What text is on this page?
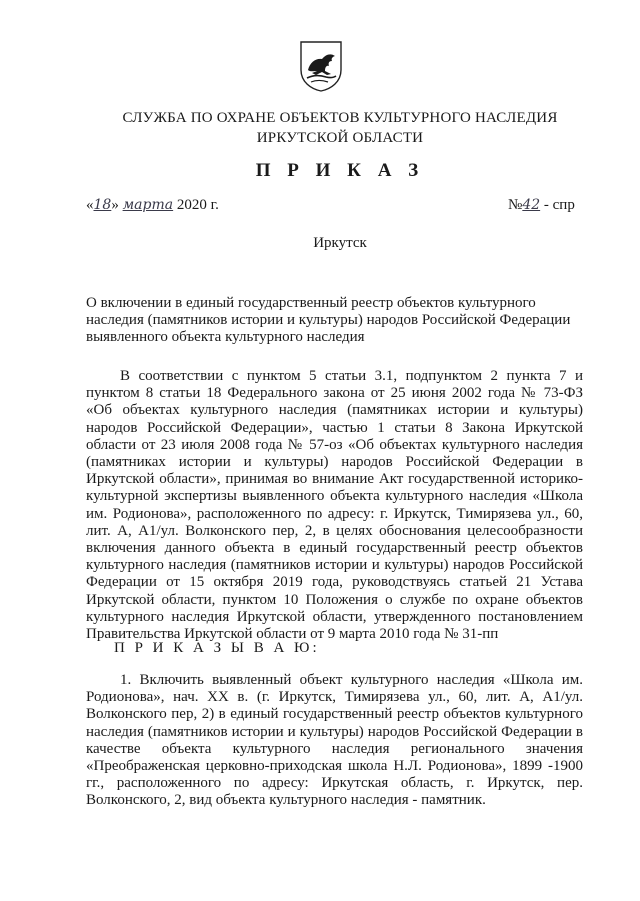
СЛУЖБА ПО ОХРАНЕ ОБЪЕКТОВ КУЛЬТУРНОГО НАСЛЕДИЯ
ИРКУТСКОЙ ОБЛАСТИ
П Р И К А З
«18» марта 2020 г.	№42 - спр
Иркутск
О включении в единый государственный реестр объектов культурного наследия (памятников истории и культуры) народов Российской Федерации выявленного объекта культурного наследия
В соответствии с пунктом 5 статьи 3.1, подпунктом 2 пункта 7 и пунктом 8 статьи 18 Федерального закона от 25 июня 2002 года № 73-ФЗ «Об объектах культурного наследия (памятниках истории и культуры) народов Российской Федерации», частью 1 статьи 8 Закона Иркутской области от 23 июля 2008 года № 57-оз «Об объектах культурного наследия (памятниках истории и культуры) народов Российской Федерации в Иркутской области», принимая во внимание Акт государственной историко-культурной экспертизы выявленного объекта культурного наследия «Школа им. Родионова», расположенного по адресу: г. Иркутск, Тимирязева ул., 60, лит. А, А1/ул. Волконского пер, 2, в целях обоснования целесообразности включения данного объекта в единый государственный реестр объектов культурного наследия (памятников истории и культуры) народов Российской Федерации от 15 октября 2019 года, руководствуясь статьей 21 Устава Иркутской области, пунктом 10 Положения о службе по охране объектов культурного наследия Иркутской области, утвержденного постановлением Правительства Иркутской области от 9 марта 2010 года № 31-пп
П Р И К А З Ы В А Ю:
1. Включить выявленный объект культурного наследия «Школа им. Родионова», нач. XX в. (г. Иркутск, Тимирязева ул., 60, лит. А, А1/ул. Волконского пер, 2) в единый государственный реестр объектов культурного наследия (памятников истории и культуры) народов Российской Федерации в качестве объекта культурного наследия регионального значения «Преображенская церковно-приходская школа Н.Л. Родионова», 1899 -1900 гг., расположенного по адресу: Иркутская область, г. Иркутск, пер. Волконского, 2, вид объекта культурного наследия - памятник.
